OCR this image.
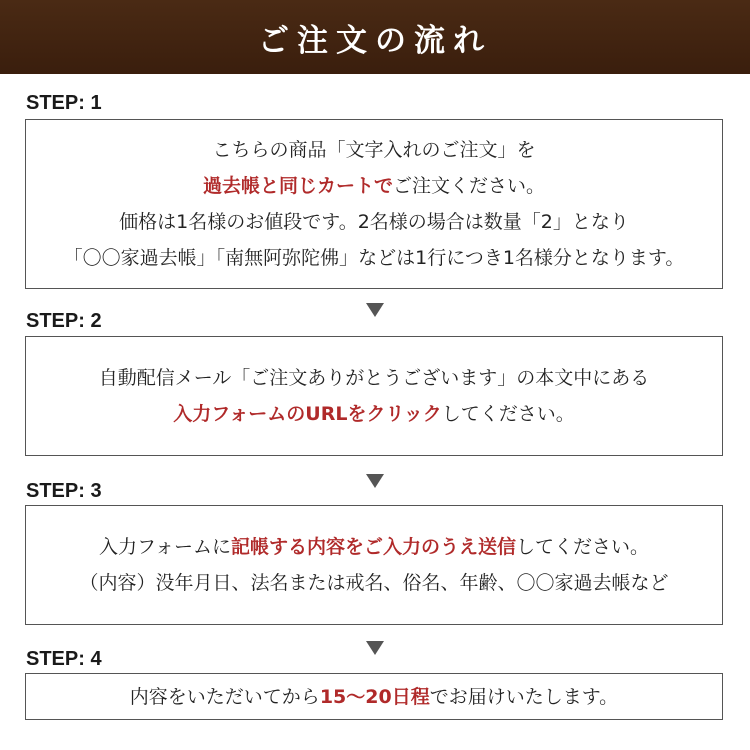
ご注文の流れ
STEP: 1
こちらの商品「文字入れのご注文」を
過去帳と同じカートでご注文ください。
価格は1名様のお値段です。2名様の場合は数量「2」となり
「〇〇家過去帳」「南無阿弥陀佛」などは1行につき1名様分となります。
STEP: 2
自動配信メール「ご注文ありがとうございます」の本文中にある
入力フォームのURLをクリックしてください。
STEP: 3
入力フォームに記帳する内容をご入力のうえ送信してください。
（内容）没年月日、法名または戒名、俗名、年齢、〇〇家過去帳など
STEP: 4
内容をいただいてから15～20日程でお届けいたします。
